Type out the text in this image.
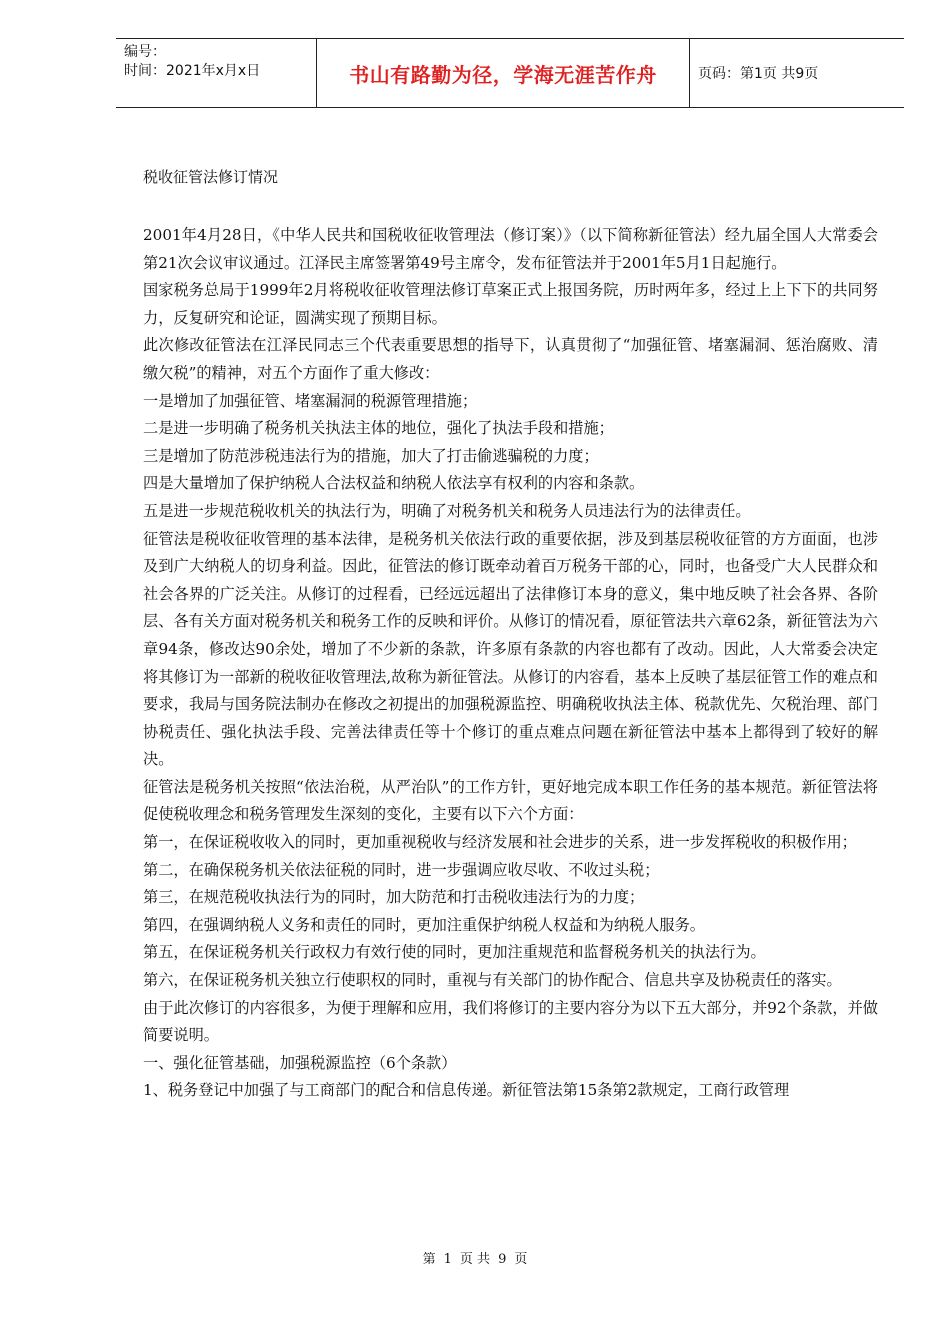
编号：
时间：2021年x月x日	书山有路勤为径，学海无涯苦作舟	页码：第1页 共9页
税收征管法修订情况

2001年4月28日，《中华人民共和国税收征收管理法（修订案）》（以下简称新征管法）经九届全国人大常委会第21次会议审议通过。江泽民主席签署第49号主席令，发布征管法并于2001年5月1日起施行。

国家税务总局于1999年2月将税收征收管理法修订草案正式上报国务院，历时两年多，经过上上下下的共同努力，反复研究和论证，圆满实现了预期目标。

此次修改征管法在江泽民同志三个代表重要思想的指导下，认真贯彻了“加强征管、堵塞漏洞、惩治腐败、清缴欠税”的精神，对五个方面作了重大修改：

一是增加了加强征管、堵塞漏洞的税源管理措施；

二是进一步明确了税务机关执法主体的地位，强化了执法手段和措施；

三是增加了防范涉税违法行为的措施，加大了打击偷逃骗税的力度；

四是大量增加了保护纳税人合法权益和纳税人依法享有权利的内容和条款。

五是进一步规范税收机关的执法行为，明确了对税务机关和税务人员违法行为的法律责任。

征管法是税收征收管理的基本法律，是税务机关依法行政的重要依据，涉及到基层税收征管的方方面面，也涉及到广大纳税人的切身利益。因此，征管法的修订既牵动着百万税务干部的心，同时，也备受广大人民群众和社会各界的广泛关注。从修订的过程看，已经远远超出了法律修订本身的意义，集中地反映了社会各界、各阶层、各有关方面对税务机关和税务工作的反映和评价。从修订的情况看，原征管法共六章62条，新征管法为六章94条，修改达90余处，增加了不少新的条款，许多原有条款的内容也都有了改动。因此，人大常委会决定将其修订为一部新的税收征收管理法,故称为新征管法。从修订的内容看，基本上反映了基层征管工作的难点和要求，我局与国务院法制办在修改之初提出的加强税源监控、明确税收执法主体、税款优先、欠税治理、部门协税责任、强化执法手段、完善法律责任等十个修订的重点难点问题在新征管法中基本上都得到了较好的解决。

征管法是税务机关按照“依法治税，从严治队”的工作方针，更好地完成本职工作任务的基本规范。新征管法将促使税收理念和税务管理发生深刻的变化，主要有以下六个方面：

第一，在保证税收收入的同时，更加重视税收与经济发展和社会进步的关系，进一步发挥税收的积极作用；

第二，在确保税务机关依法征税的同时，进一步强调应收尽收、不收过头税；

第三，在规范税收执法行为的同时，加大防范和打击税收违法行为的力度；

第四，在强调纳税人义务和责任的同时，更加注重保护纳税人权益和为纳税人服务。

第五，在保证税务机关行政权力有效行使的同时，更加注重规范和监督税务机关的执法行为。

第六，在保证税务机关独立行使职权的同时，重视与有关部门的协作配合、信息共享及协税责任的落实。

由于此次修订的内容很多，为便于理解和应用，我们将修订的主要内容分为以下五大部分，并92个条款，并做简要说明。

一、强化征管基础，加强税源监控（6个条款）

1、税务登记中加强了与工商部门的配合和信息传递。新征管法第15条第2款规定，工商行政管理

第 1 页 共 9 页
